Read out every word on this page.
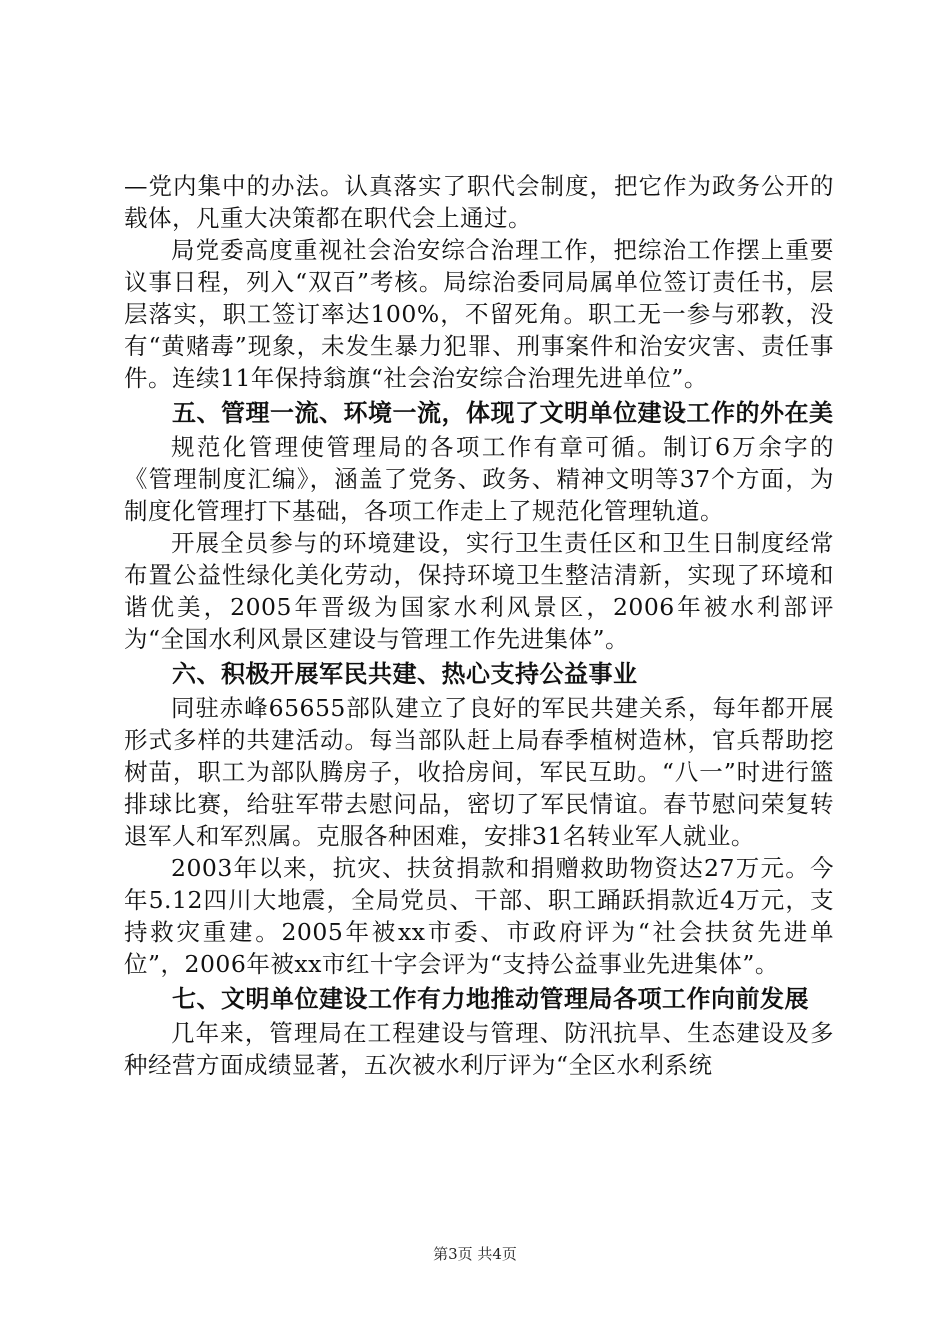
—党内集中的办法。认真落实了职代会制度，把它作为政务公开的载体，凡重大决策都在职代会上通过。

局党委高度重视社会治安综合治理工作，把综治工作摆上重要议事日程，列入“双百”考核。局综治委同局属单位签订责任书，层层落实，职工签订率达100%，不留死角。职工无一参与邪教，没有“黄赌毒”现象，未发生暴力犯罪、刑事案件和治安灾害、责任事件。连续11年保持翁旗“社会治安综合治理先进单位”。

五、管理一流、环境一流，体现了文明单位建设工作的外在美

规范化管理使管理局的各项工作有章可循。制订6万余字的《管理制度汇编》，涵盖了党务、政务、精神文明等37个方面，为制度化管理打下基础，各项工作走上了规范化管理轨道。

开展全员参与的环境建设，实行卫生责任区和卫生日制度经常布置公益性绿化美化劳动，保持环境卫生整洁清新，实现了环境和谐优美，2005年晋级为国家水利风景区，2006年被水利部评为“全国水利风景区建设与管理工作先进集体”。

六、积极开展军民共建、热心支持公益事业

同驻赤峰65655部队建立了良好的军民共建关系，每年都开展形式多样的共建活动。每当部队赶上局春季植树造林，官兵帮助挖树苗，职工为部队腾房子，收拾房间，军民互助。“八一”时进行篮排球比赛，给驻军带去慰问品，密切了军民情谊。春节慰问荣复转退军人和军烈属。克服各种困难，安排31名转业军人就业。

2003年以来，抗灾、扶贫捐款和捐赠救助物资达27万元。今年5.12四川大地震，全局党员、干部、职工踊跃捐款近4万元，支持救灾重建。2005年被xx市委、市政府评为“社会扶贫先进单位”，2006年被xx市红十字会评为“支持公益事业先进集体”。

七、文明单位建设工作有力地推动管理局各项工作向前发展

几年来，管理局在工程建设与管理、防汛抗旱、生态建设及多种经营方面成绩显著，五次被水利厅评为“全区水利系统

第3页 共4页
